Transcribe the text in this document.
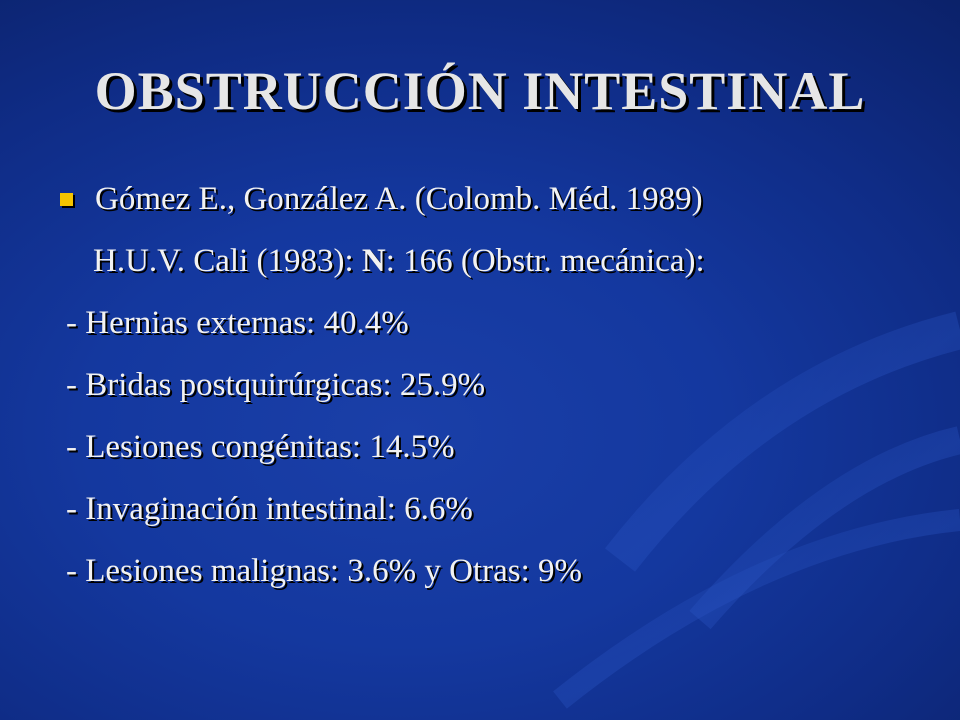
OBSTRUCCIÓN INTESTINAL
Gómez E., González A. (Colomb. Méd. 1989)
H.U.V. Cali (1983): N: 166 (Obstr. mecánica):
- Hernias externas: 40.4%
- Bridas postquirúrgicas: 25.9%
- Lesiones congénitas: 14.5%
- Invaginación intestinal: 6.6%
- Lesiones malignas: 3.6% y Otras: 9%
